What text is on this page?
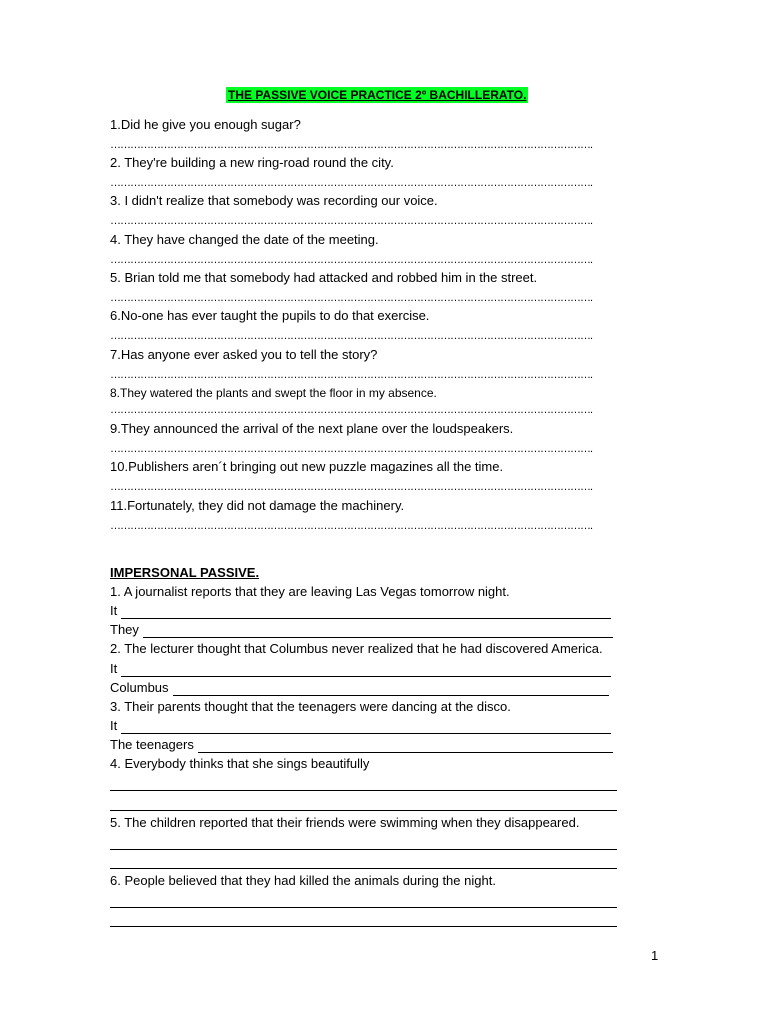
THE PASSIVE VOICE PRACTICE 2º BACHILLERATO.
1.Did he give you enough sugar?
……………………………………………………………………………………………………………………………….
2. They're building a new ring-road round the city.
……………………………………………………………………………………………………………………………….
3. I didn't realize that somebody was recording our voice.
……………………………………………………………………………………………………………………………….
4. They have changed the date of the meeting.
……………………………………………………………………………………………………………………………….
5. Brian told me that somebody had attacked and robbed him in the street.
……………………………………………………………………………………………………………………………….
6.No-one has ever taught the pupils to do that exercise.
……………………………………………………………………………………………………………………………….
7.Has anyone ever asked you to tell the story?
……………………………………………………………………………………………………………………………….
8.They watered the plants and swept the floor in my absence.
……………………………………………………………………………………………………………………………….
9.They announced the arrival of the next plane over the loudspeakers.
……………………………………………………………………………………………………………………………….
10.Publishers aren´t bringing out new puzzle magazines all the time.
……………………………………………………………………………………………………………………………….
11.Fortunately, they did not damage the machinery.
……………………………………………………………………………………………………………………………….
IMPERSONAL PASSIVE.
1. A journalist reports that they are leaving Las Vegas tomorrow night.
It
They
2. The lecturer thought that Columbus never realized that he had discovered America.
It
Columbus
3. Their parents thought that the teenagers were dancing at the disco.
It
The teenagers
4. Everybody thinks that she sings beautifully
5. The children reported that their friends were swimming when they disappeared.
6. People believed that they had killed the animals during the night.
1
